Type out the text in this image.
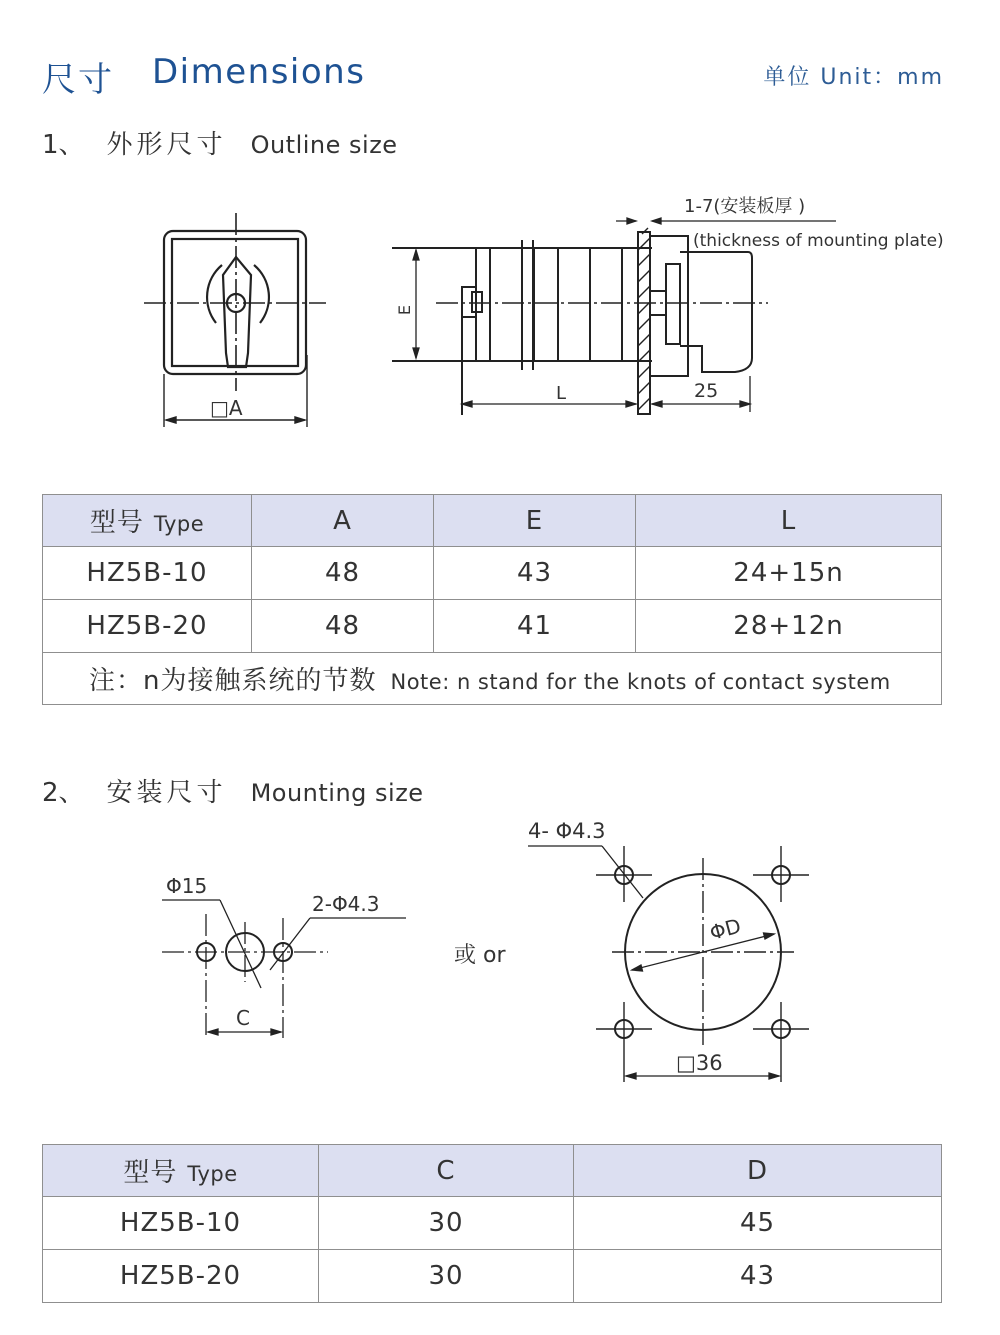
尺寸 Dimensions	单位 Unit：mm
1、 外形尺寸 Outline size
□A
E
L	25
1-7(安装板厚 )
(thickness of mounting plate)
型号 Type	A	E	L
HZ5B-10	48	43	24+15n
HZ5B-20	48	41	28+12n
注：n为接触系统的节数 Note: n stand for the knots of contact system			
2、 安装尺寸 Mounting size
Φ15
2-Φ4.3
C
或 or
4- Φ4.3
ΦD
□36
型号 Type	C	D
HZ5B-10	30	45
HZ5B-20	30	43
